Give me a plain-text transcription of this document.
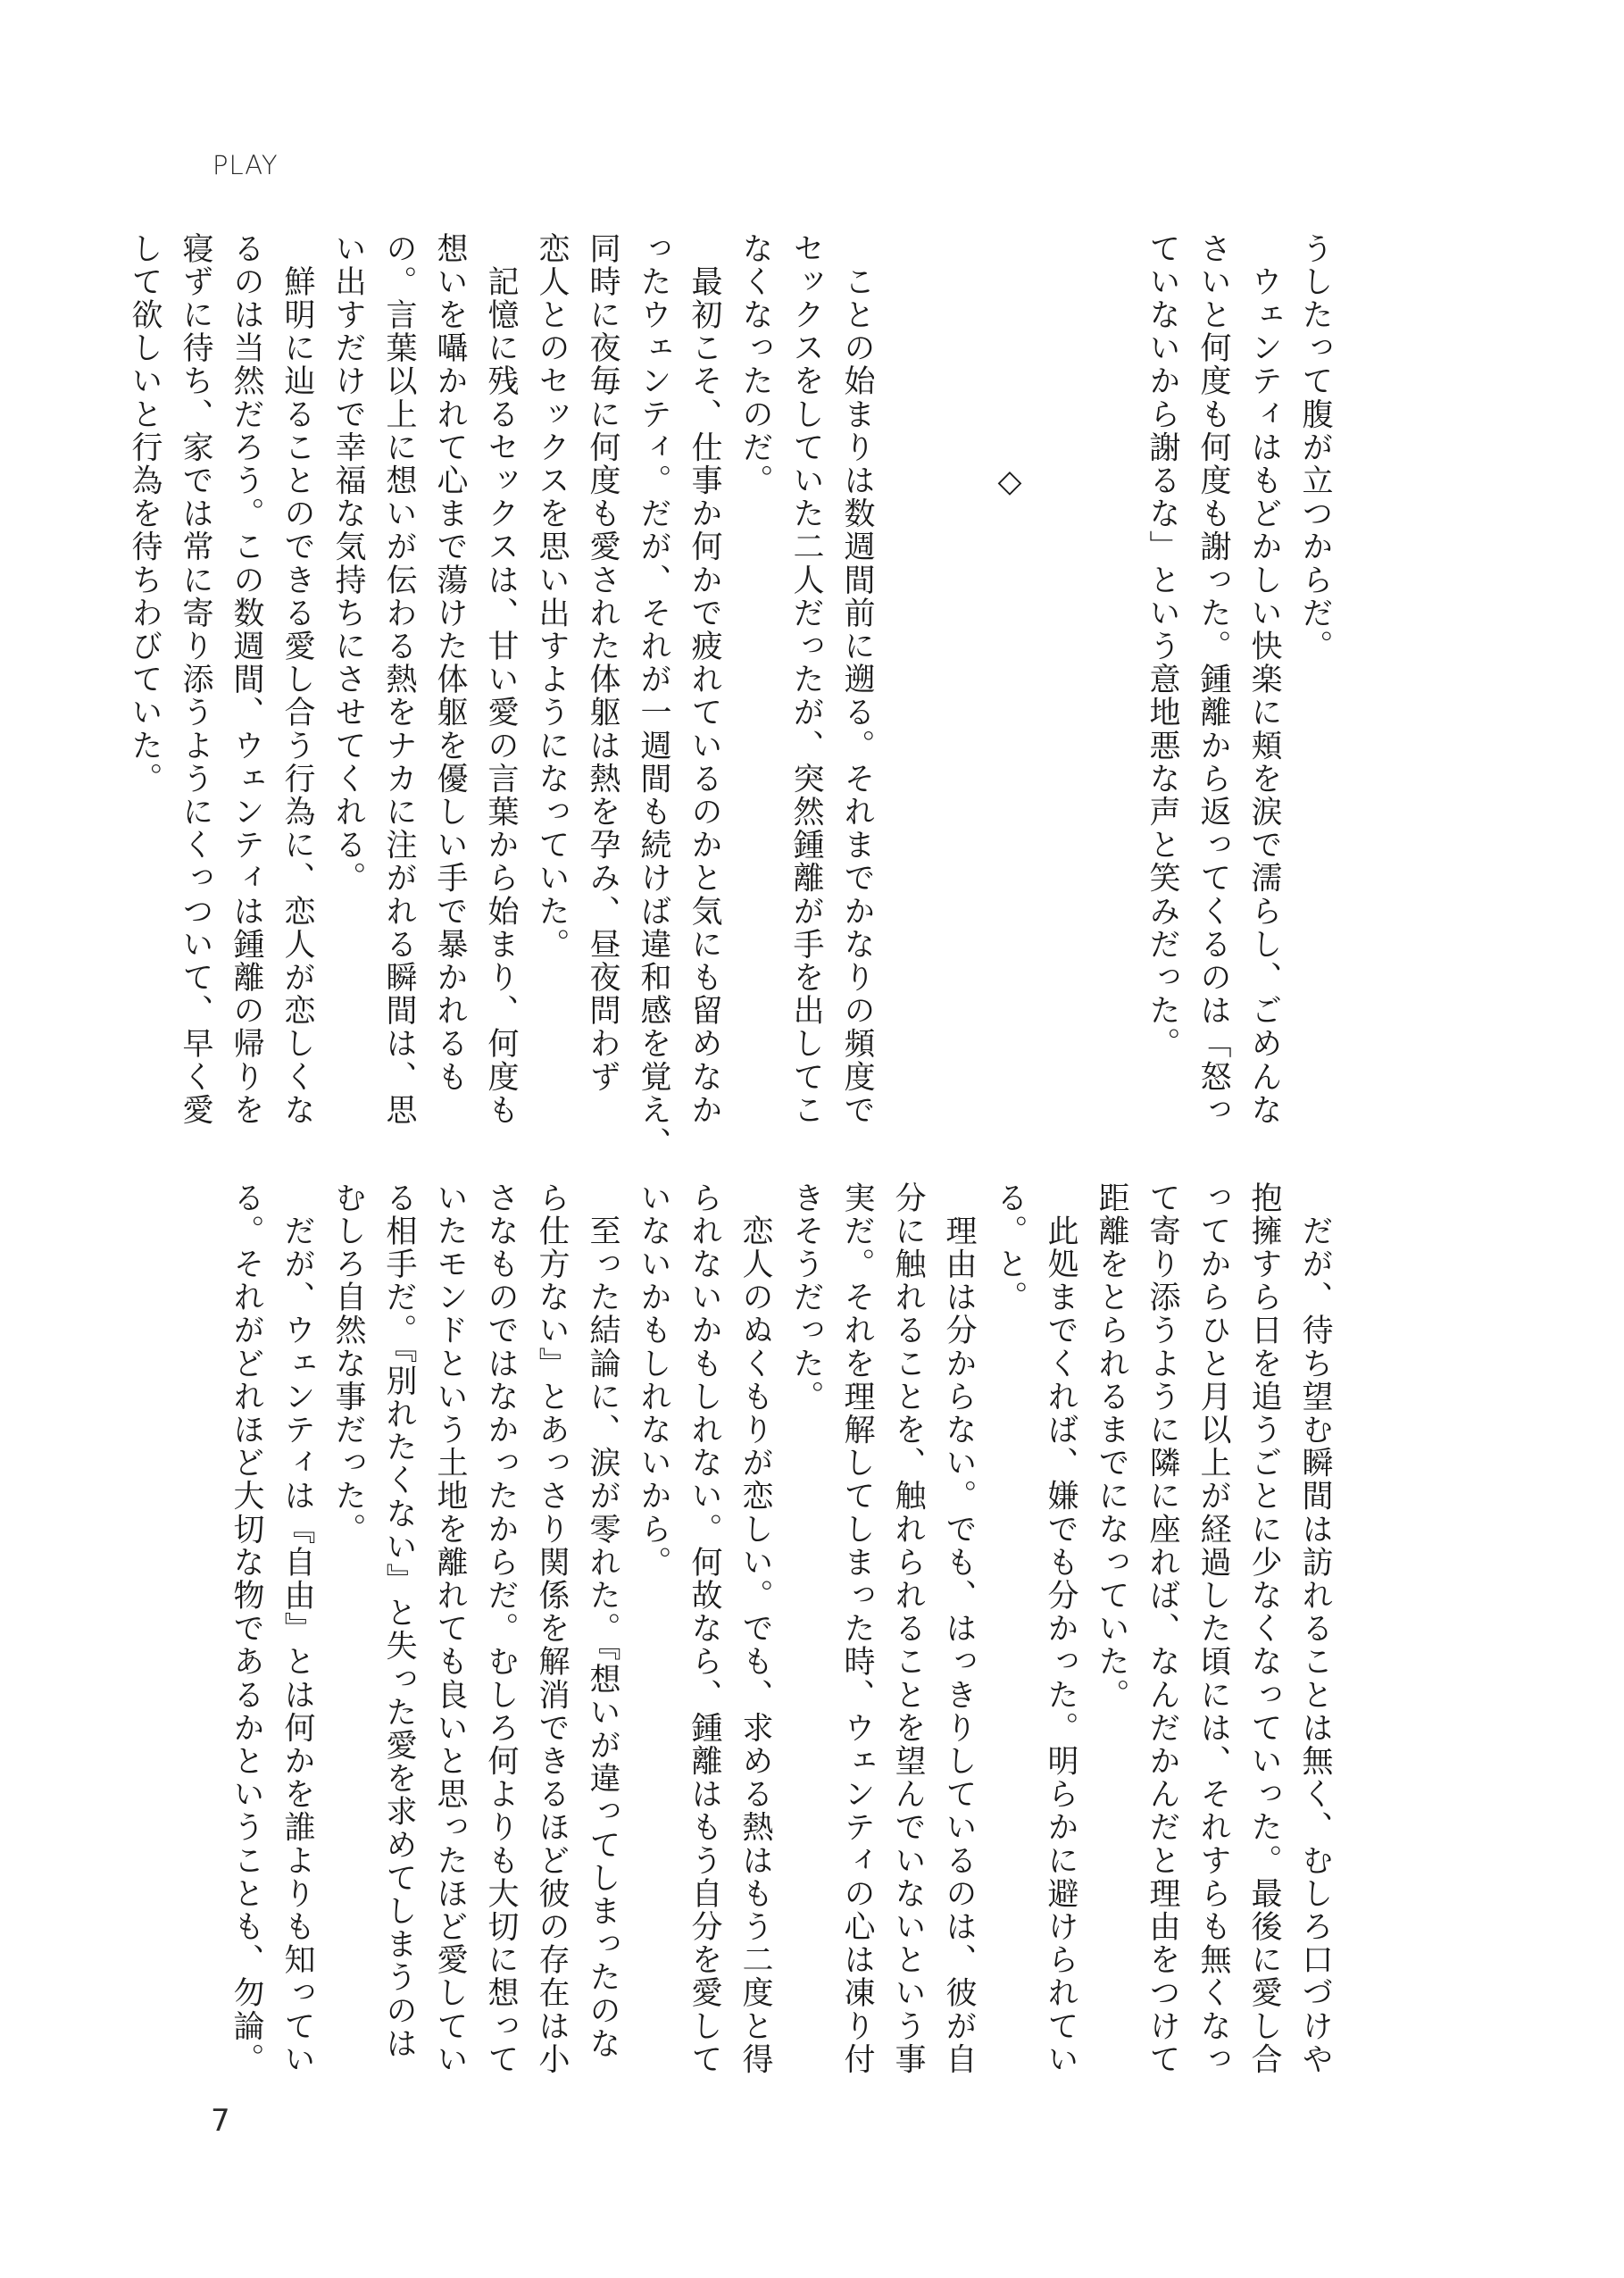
PLAY
うしたって腹が立つからだ。
　ウェンティはもどかしい快楽に頬を涙で濡らし、ごめんな
さいと何度も何度も謝った。鍾離から返ってくるのは「怒っ
ていないから謝るな」という意地悪な声と笑みだった。
　　　　　　　◇
　ことの始まりは数週間前に遡る。それまでかなりの頻度で
セックスをしていた二人だったが、突然鍾離が手を出してこ
なくなったのだ。
　最初こそ、仕事か何かで疲れているのかと気にも留めなか
ったウェンティ。だが、それが一週間も続けば違和感を覚え、
同時に夜毎に何度も愛された体躯は熱を孕み、昼夜問わず
恋人とのセックスを思い出すようになっていた。
　記憶に残るセックスは、甘い愛の言葉から始まり、何度も
想いを囁かれて心まで蕩けた体躯を優しい手で暴かれるも
の。言葉以上に想いが伝わる熱をナカに注がれる瞬間は、思
い出すだけで幸福な気持ちにさせてくれる。
　鮮明に辿ることのできる愛し合う行為に、恋人が恋しくな
るのは当然だろう。この数週間、ウェンティは鍾離の帰りを
寝ずに待ち、家では常に寄り添うようにくっついて、早く愛
して欲しいと行為を待ちわびていた。
　だが、待ち望む瞬間は訪れることは無く、むしろ口づけや
抱擁すら日を追うごとに少なくなっていった。最後に愛し合
ってからひと月以上が経過した頃には、それすらも無くなっ
て寄り添うように隣に座れば、なんだかんだと理由をつけて
距離をとられるまでになっていた。
　此処までくれば、嫌でも分かった。明らかに避けられてい
る。と。
　理由は分からない。でも、はっきりしているのは、彼が自
分に触れることを、触れられることを望んでいないという事
実だ。それを理解してしまった時、ウェンティの心は凍り付
きそうだった。
　恋人のぬくもりが恋しい。でも、求める熱はもう二度と得
られないかもしれない。何故なら、鍾離はもう自分を愛して
いないかもしれないから。
　至った結論に、涙が零れた。『想いが違ってしまったのな
ら仕方ない』とあっさり関係を解消できるほど彼の存在は小
さなものではなかったからだ。むしろ何よりも大切に想って
いたモンドという土地を離れても良いと思ったほど愛してい
る相手だ。『別れたくない』と失った愛を求めてしまうのは
むしろ自然な事だった。
　だが、ウェンティは『自由』とは何かを誰よりも知ってい
る。それがどれほど大切な物であるかということも、勿論。
7
